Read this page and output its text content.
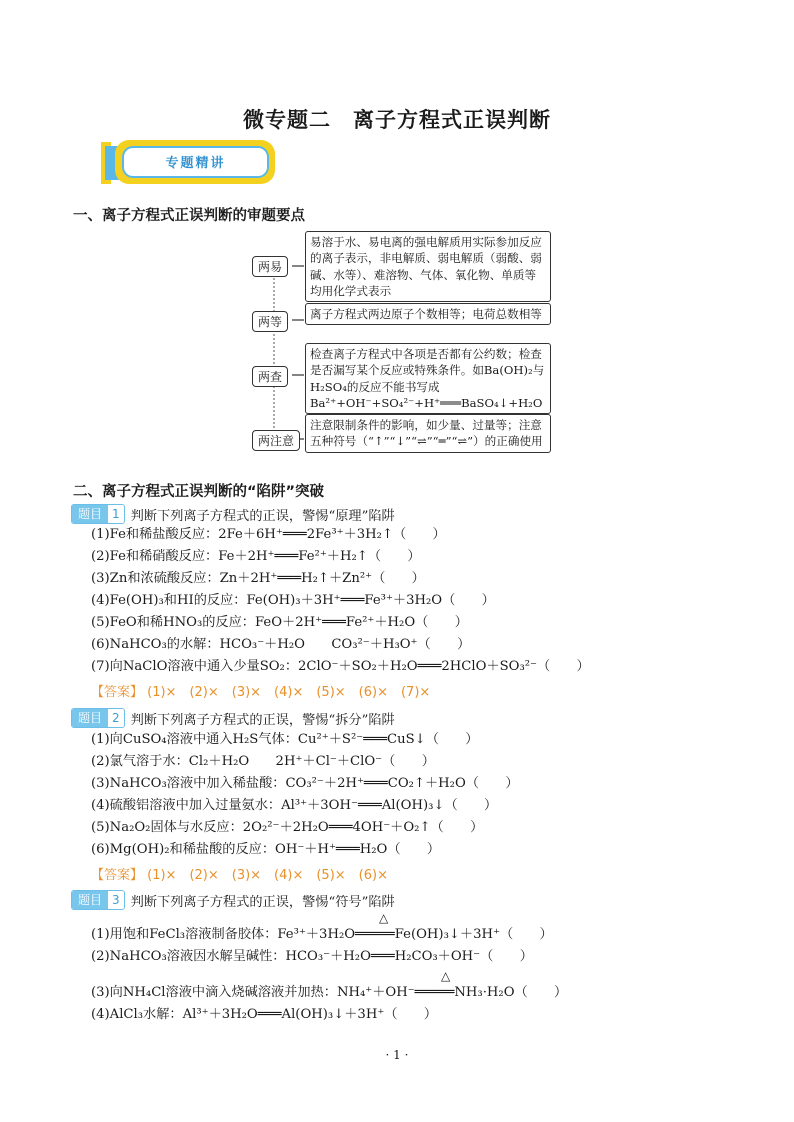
微专题二　离子方程式正误判断
专题精讲
一、离子方程式正误判断的审题要点
两易
易溶于水、易电离的强电解质用实际参加反应的离子表示，非电解质、弱电解质（弱酸、弱碱、水等）、难溶物、气体、氧化物、单质等均用化学式表示
两等
离子方程式两边原子个数相等；电荷总数相等
两查
检查离子方程式中各项是否都有公约数；检查是否漏写某个反应或特殊条件。如Ba(OH)₂与H₂SO₄的反应不能书写成Ba²⁺+OH⁻+SO₄²⁻+H⁺═══BaSO₄↓+H₂O
两注意
注意限制条件的影响，如少量、过量等；注意五种符号（“↑”“↓”“⇌”“═”“⇌”）的正确使用
二、离子方程式正误判断的“陷阱”突破
题目 1 判断下列离子方程式的正误，警惕“原理”陷阱
(1)Fe和稀盐酸反应：2Fe＋6H⁺═══2Fe³⁺＋3H₂↑（　　）
(2)Fe和稀硝酸反应：Fe＋2H⁺═══Fe²⁺＋H₂↑（　　）
(3)Zn和浓硫酸反应：Zn＋2H⁺═══H₂↑＋Zn²⁺（　　）
(4)Fe(OH)₃和HI的反应：Fe(OH)₃＋3H⁺═══Fe³⁺＋3H₂O（　　）
(5)FeO和稀HNO₃的反应：FeO＋2H⁺═══Fe²⁺＋H₂O（　　）
(6)NaHCO₃的水解：HCO₃⁻＋H₂O　　CO₃²⁻＋H₃O⁺（　　）
(7)向NaClO溶液中通入少量SO₂：2ClO⁻＋SO₂＋H₂O═══2HClO＋SO₃²⁻（　　）
【答案】 (1)×　(2)×　(3)×　(4)×　(5)×　(6)×　(7)×
题目 2 判断下列离子方程式的正误，警惕“拆分”陷阱
(1)向CuSO₄溶液中通入H₂S气体：Cu²⁺＋S²⁻═══CuS↓（　　）
(2)氯气溶于水：Cl₂＋H₂O　　2H⁺＋Cl⁻＋ClO⁻（　　）
(3)NaHCO₃溶液中加入稀盐酸：CO₃²⁻＋2H⁺═══CO₂↑＋H₂O（　　）
(4)硫酸铝溶液中加入过量氨水：Al³⁺＋3OH⁻═══Al(OH)₃↓（　　）
(5)Na₂O₂固体与水反应：2O₂²⁻＋2H₂O═══4OH⁻＋O₂↑（　　）
(6)Mg(OH)₂和稀盐酸的反应：OH⁻＋H⁺═══H₂O（　　）
【答案】 (1)×　(2)×　(3)×　(4)×　(5)×　(6)×
题目 3 判断下列离子方程式的正误，警惕“符号”陷阱
△
(1)用饱和FeCl₃溶液制备胶体：Fe³⁺＋3H₂O═════Fe(OH)₃↓＋3H⁺（　　）
(2)NaHCO₃溶液因水解呈碱性：HCO₃⁻＋H₂O═══H₂CO₃＋OH⁻（　　）
△
(3)向NH₄Cl溶液中滴入烧碱溶液并加热：NH₄⁺＋OH⁻═════NH₃·H₂O（　　）
(4)AlCl₃水解：Al³⁺＋3H₂O═══Al(OH)₃↓＋3H⁺（　　）
· 1 ·
